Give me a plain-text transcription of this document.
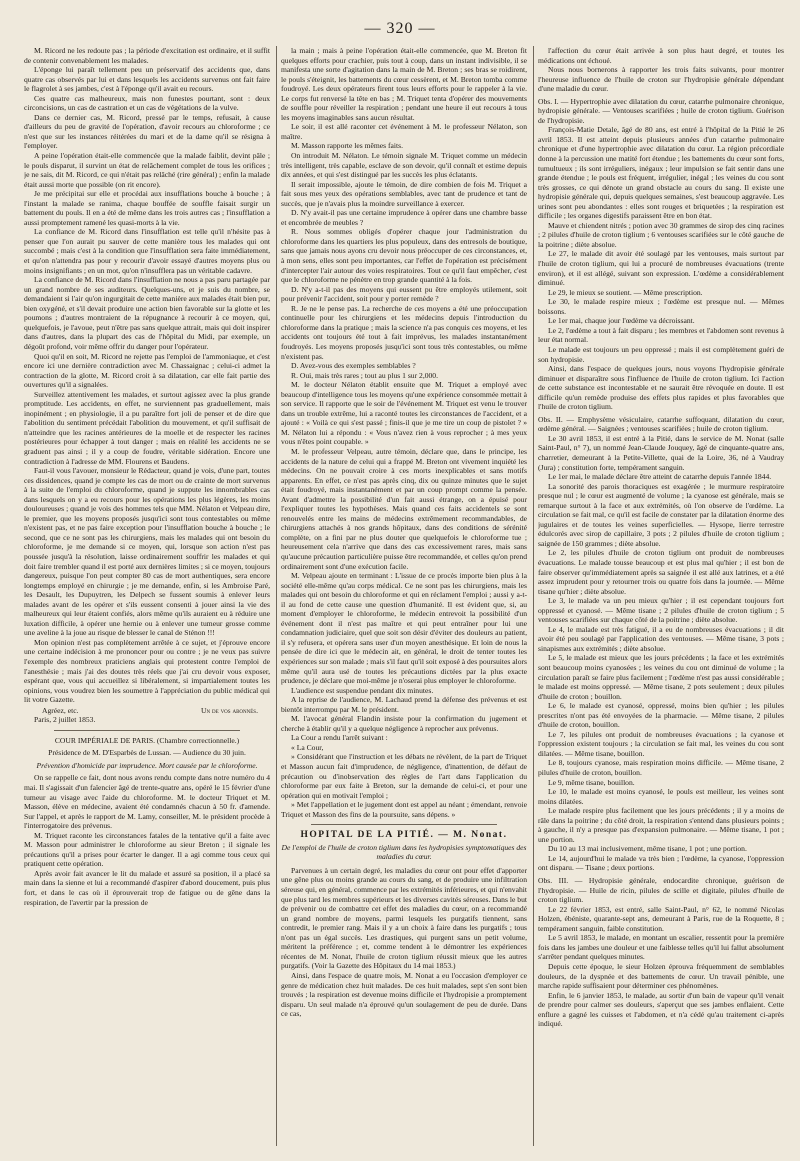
— 320 —

M. Ricord ne les redoute pas ; la période d'excitation est ordinaire, et il suffit de contenir convenablement les malades.

L'éponge lui paraît tellement peu un préservatif des accidents que, dans quatre cas observés par lui et dans lesquels les accidents survenus ont fait faire le flagrolet à ses jambes, c'est à l'éponge qu'il avait eu recours.

Ces quatre cas malheureux, mais non funestes pourtant, sont : deux circoncisions, un cas de castration et un cas de végétations de la vulve.

Dans ce dernier cas, M. Ricord, pressé par le temps, refusait, à cause d'ailleurs du peu de gravité de l'opération, d'avoir recours au chloroforme ; ce n'est que sur les instances réitérées du mari et de la dame qu'il se résigna à l'employer.

A peine l'opération était-elle commencée que la malade faiblit, devint pâle ; le pouls disparut, il survint un état de relâchement complet de tous les orifices ; je ne sais, dit M. Ricord, ce qui n'était pas relâché (rire général) ; enfin la malade était aussi morte que possible (on rit encore).

Je me précipitai sur elle et procédai aux insufflations bouche à bouche ; à l'instant la malade se ranima, chaque bouffée de souffle faisait surgir un battement du pouls. Il en a été de même dans les trois autres cas ; l'insufflation a aussi promptement ramené les quasi-morts à la vie.

La confiance de M. Ricord dans l'insufflation est telle qu'il n'hésite pas à penser que l'on aurait pu sauver de cette manière tous les malades qui ont succombé ; mais c'est à la condition que l'insufflation sera faite immédiatement, et qu'on n'attendra pas pour y recourir d'avoir essayé d'autres moyens plus ou moins insignifiants ; en un mot, qu'on n'insufflera pas un véritable cadavre.

La confiance de M. Ricord dans l'insufflation ne nous a pas paru partagée par un grand nombre de ses auditeurs. Quelques-uns, et je suis du nombre, se demandaient si l'air qu'on ingurgitait de cette manière aux malades était bien pur, bien oxygéné, et s'il devait produire une action bien favorable sur la glotte et les poumons ; d'autres montraient de la répugnance à recourir à ce moyen, qui, quelquefois, je l'avoue, peut n'être pas sans quelque attrait, mais qui doit inspirer dans d'autres, dans la plupart des cas de l'hôpital du Midi, par exemple, un dégoût profond, voir même offrir du danger pour l'opérateur.

Quoi qu'il en soit, M. Ricord ne rejette pas l'emploi de l'ammoniaque, et c'est encore ici une dernière contradiction avec M. Chassaignac ; celui-ci admet la contraction de la glotte, M. Ricord croit à sa dilatation, car elle fait partie des ouvertures qu'il a signalées.

Surveillez attentivement les malades, et surtout agissez avec la plus grande promptitude. Les accidents, en effet, ne surviennent pas graduellement, mais inopinément ; en physiologie, il a pu paraître fort joli de penser et de dire que l'abolition du sentiment précédait l'abolition du mouvement, et qu'il suffisait de n'atteindre que les racines antérieures de la moelle et de respecter les racines postérieures pour échapper à tout danger ; mais en réalité les accidents ne se graduent pas ainsi ; il y a coup de foudre, véritable sidération. Encore une contradiction à l'adresse de MM. Flourens et Baudens.

Faut-il vous l'avouer, monsieur le Rédacteur, quand je vois, d'une part, toutes ces dissidences, quand je compte les cas de mort ou de crainte de mort survenus à la suite de l'emploi du chloroforme, quand je suppute les innombrables cas dans lesquels on y a eu recours pour les opérations les plus légères, les moins douloureuses ; quand je vois des hommes tels que MM. Nélaton et Velpeau dire, le premier, que les moyens proposés jusqu'ici sont tous contestables ou même n'existent pas, et ne pas faire exception pour l'insufflation bouche à bouche ; le second, que ce ne sont pas les chirurgiens, mais les malades qui ont besoin du chloroforme, je me demande si ce moyen, qui, lorsque son action n'est pas poussée jusqu'à la résolution, laisse ordinairement souffrir les malades et qui doit faire trembler quand il est porté aux dernières limites ; si ce moyen, toujours dangereux, puisque l'on peut compter 80 cas de mort authentiques, sera encore longtemps employé en chirurgie ; je me demande, enfin, si les Ambroise Paré, les Desault, les Dupuytren, les Delpech se fussent soumis à enlever leurs malades avant de les opérer et s'ils eussent consenti à jouer ainsi la vie des malheureux qui leur étaient confiés, alors même qu'ils auraient eu à réduire une luxation difficile, à opérer une hernie ou à enlever une tumeur grosse comme une aveline à la joue au risque de blesser le canal de Sténon !!!

Mon opinion n'est pas complètement arrêtée à ce sujet, et j'éprouve encore une certaine indécision à me prononcer pour ou contre ; je ne veux pas suivre l'exemple des nombreux praticiens anglais qui protestent contre l'emploi de l'anesthésie ; mais j'ai des doutes très réels que j'ai cru devoir vous exposer, espérant que, vous qui accueillez si libéralement, si impartialement toutes les opinions, vous voudrez bien les soumettre à l'appréciation du public médical qui lit votre Gazette.

Agréez, etc.	Un de vos abonnés.

Paris, 2 juillet 1853.

COUR IMPÉRIALE DE PARIS. (Chambre correctionnelle.)

Présidence de M. D'Esparbès de Lussan. — Audience du 30 juin.

Prévention d'homicide par imprudence. Mort causée par le chloroforme.

On se rappelle ce fait, dont nous avons rendu compte dans notre numéro du 4 mai. Il s'agissait d'un faïencier âgé de trente-quatre ans, opéré le 15 février d'une tumeur au visage avec l'aide du chloroforme. M. le docteur Triquet et M. Masson, élève en médecine, avaient été condamnés chacun à 50 fr. d'amende. Sur l'appel, et après le rapport de M. Lamy, conseiller, M. le président procède à l'interrogatoire des prévenus.

M. Triquet raconte les circonstances fatales de la tentative qu'il a faite avec M. Masson pour administrer le chloroforme au sieur Breton ; il signale les précautions qu'il a prises pour écarter le danger. Il a agi comme tous ceux qui pratiquent cette opération.

Après avoir fait avancer le lit du malade et assuré sa position, il a placé sa main dans la sienne et lui a recommandé d'aspirer d'abord doucement, puis plus fort, et dans le cas où il éprouverait trop de fatigue ou de gêne dans la respiration, de l'avertir par la pression de

la main ; mais à peine l'opération était-elle commencée, que M. Breton fit quelques efforts pour crachier, puis tout à coup, dans un instant indivisible, il se manifesta une sorte d'agitation dans la main de M. Breton ; ses bras se roidirent, le pouls s'éteignit, les battements du cœur cessèrent, et M. Breton tomba comme foudroyé. Les deux opérateurs firent tous leurs efforts pour le rappeler à la vie. Le corps fut renversé la tête en bas ; M. Triquet tenta d'opérer des mouvements de souffle pour réveiller la respiration ; pendant une heure il eut recours à tous les moyens imaginables sans aucun résultat.

Le soir, il est allé raconter cet événement à M. le professeur Nélaton, son maître.

M. Masson rapporte les mêmes faits.

On introduit M. Nélaton. Le témoin signale M. Triquet comme un médecin très intelligent, très capable, esclave de son devoir, qu'il connaît et estime depuis dix années, et qui s'est distingué par les succès les plus éclatants.

Il serait impossible, ajoute le témoin, de dire combien de fois M. Triquet a fait sous mes yeux des opérations semblables, avec tant de prudence et tant de succès, que je n'avais plus la moindre surveillance à exercer.

D. N'y avait-il pas une certaine imprudence à opérer dans une chambre basse et encombrée de meubles ?

R. Nous sommes obligés d'opérer chaque jour l'administration du chloroforme dans les quartiers les plus populeux, dans des entresols de boutique, sans que jamais nous ayons cru devoir nous préoccuper de ces circonstances, et, à mon sens, elles sont peu importantes, car l'effet de l'opération est précisément d'intercepter l'air autour des voies respiratoires. Tout ce qu'il faut empêcher, c'est que le chloroforme ne pénètre en trop grande quantité à la fois.

D. N'y a-t-il pas des moyens qui eussent pu être employés utilement, soit pour prévenir l'accident, soit pour y porter remède ?

R. Je ne le pense pas. La recherche de ces moyens a été une préoccupation continuelle pour les chirurgiens et les médecins depuis l'introduction du chloroforme dans la pratique ; mais la science n'a pas conquis ces moyens, et les accidents ont toujours été tout à fait imprévus, les malades instantanément foudroyés. Les moyens proposés jusqu'ici sont tous très contestables, ou même n'existent pas.

D. Avez-vous des exemples semblables ?

R. Oui, mais très rares ; tout au plus 1 sur 2,000.

M. le docteur Nélaton établit ensuite que M. Triquet a employé avec beaucoup d'intelligence tous les moyens qu'une expérience consommée mettait à son service. Il rapporte que le soir de l'événement M. Triquet est venu le trouver dans un trouble extrême, lui a raconté toutes les circonstances de l'accident, et a ajouté : « Voilà ce qui s'est passé ; finis-il que je me tire un coup de pistolet ? » M. Nélaton lui a répondu : « Vous n'avez rien à vous reprocher ; à mes yeux vous n'êtes point coupable. »

M. le professeur Velpeau, autre témoin, déclare que, dans le principe, les accidents de la nature de celui qui a frappé M. Breton ont vivement inquiété les médecins. On ne pouvait croire à ces morts inexplicables et sans motifs apparents. En effet, ce n'est pas après cinq, dix ou quinze minutes que le sujet était foudroyé, mais instantanément et par un coup prompt comme la pensée. Avant d'admettre la possibilité d'un fait aussi étrange, on a épuisé pour l'expliquer toutes les hypothèses. Mais quand ces faits accidentels se sont renouvelés entre les mains de médecins extrêmement recommandables, de chirurgiens attachés à nos grands hôpitaux, dans des conditions de sérénité complète, on a fini par ne plus douter que quelquefois le chloroforme tue ; heureusement cela n'arrive que dans des cas excessivement rares, mais sans qu'aucune précaution particulière puisse être recommandée, et celles qu'on prend ordinairement sont d'une exécution facile.

M. Velpeau ajoute en terminant : L'issue de ce procès importe bien plus à la société elle-même qu'au corps médical. Ce ne sont pas les chirurgiens, mais les malades qui ont besoin du chloroforme et qui en réclament l'emploi ; aussi y a-t-il au fond de cette cause une question d'humanité. Il est évident que, si, au moment d'employer le chloroforme, le médecin entrevoit la possibilité d'un événement dont il n'est pas maître et qui peut entraîner pour lui une condamnation judiciaire, quel que soit son désir d'éviter des douleurs au patient, il s'y refusera, et opérera sans user d'un moyen anesthésique. Et loin de nous la pensée de dire ici que le médecin ait, en général, le droit de tenter toutes les expériences sur son malade ; mais s'il faut qu'il soit exposé à des poursuites alors même qu'il aura usé de toutes les précautions dictées par la plus exacte prudence, je déclare que moi-même je n'oserai plus employer le chloroforme.

L'audience est suspendue pendant dix minutes.

A la reprise de l'audience, M. Lachaud prend la défense des prévenus et est bientôt interrompu par M. le président.

M. l'avocat général Flandin insiste pour la confirmation du jugement et cherche à établir qu'il y a quelque négligence à reprocher aux prévenus.

La Cour a rendu l'arrêt suivant :

« La Cour,

» Considérant que l'instruction et les débats ne révèlent, de la part de Triquet et Masson aucun fait d'imprudence, de négligence, d'inattention, de défaut de précaution ou d'inobservation des règles de l'art dans l'application du chloroforme par eux faite à Breton, sur la demande de celui-ci, et pour une opération qui en motivait l'emploi ;

» Met l'appellation et le jugement dont est appel au néant ; émendant, renvoie Triquet et Masson des fins de la poursuite, sans dépens. »

HOPITAL DE LA PITIÉ. — M. Nonat.
De l'emploi de l'huile de croton tiglium dans les hydropisies symptomatiques des maladies du cœur.

Parvenues à un certain degré, les maladies du cœur ont pour effet d'apporter une gêne plus ou moins grande au cours du sang, et de produire une infiltration séreuse qui, en général, commence par les extrémités inférieures, et qui n'envahit que plus tard les membres supérieurs et les diverses cavités séreuses. Dans le but de prévenir ou de combattre cet effet des maladies du cœur, on a recommandé un grand nombre de moyens, parmi lesquels les purgatifs tiennent, sans contredit, le premier rang. Mais il y a un choix à faire dans les purgatifs ; tous n'ont pas un égal succès. Les drastiques, qui purgent sans un petit volume, méritent la préférence ; et, comme tendent à le démontrer les expériences récentes de M. Nonat, l'huile de croton tiglium réussit mieux que les autres purgatifs. (Voir la Gazette des Hôpitaux du 14 mai 1853.)

Ainsi, dans l'espace de quatre mois, M. Nonat a eu l'occasion d'employer ce genre de médication chez huit malades. De ces huit malades, sept s'en sont bien trouvés ; la respiration est devenue moins difficile et l'hydropisie a promptement disparu. Un seul malade n'a éprouvé qu'un soulagement de peu de durée. Dans ce cas,

l'affection du cœur était arrivée à son plus haut degré, et toutes les médications ont échoué.

Nous nous bornerons à rapporter les trois faits suivants, pour montrer l'heureuse influence de l'huile de croton sur l'hydropisie générale dépendant d'une maladie du cœur.

Obs. I. — Hypertrophie avec dilatation du cœur, catarrhe pulmonaire chronique, hydropisie générale. — Ventouses scarifiées ; huile de croton tiglium. Guérison de l'hydropisie.

François-Matie Detale, âgé de 80 ans, est entré à l'hôpital de la Pitié le 26 avril 1853. Il est atteint depuis plusieurs années d'un catarrhe pulmonaire chronique et d'une hypertrophie avec dilatation du cœur. La région précordiale donne à la percussion une matité fort étendue ; les battements du cœur sont forts, tumultueux ; ils sont irréguliers, inégaux ; leur impulsion se fait sentir dans une grande étendue ; le pouls est fréquent, irrégulier, inégal ; les veines du cou sont très grosses, ce qui dénote un grand obstacle au cours du sang. Il existe une hydropisie générale qui, depuis quelques semaines, s'est beaucoup aggravée. Les urines sont peu abondantes : elles sont rouges et briquetées ; la respiration est difficile ; les organes digestifs paraissent être en bon état.

Mauve et chiendent nitrés ; potion avec 30 grammes de sirop des cinq racines ; 2 pilules d'huile de croton tiglium ; 6 ventouses scarifiées sur le côté gauche de la poitrine ; diète absolue.

Le 27, le malade dit avoir été soulagé par les ventouses, mais surtout par l'huile de croton tiglium, qui lui a procuré de nombreuses évacuations (trente environ), et il est allégé, suivant son expression. L'œdème a considérablement diminué.

Le 29, le mieux se soutient. — Même prescription.

Le 30, le malade respire mieux ; l'œdème est presque nul. — Mêmes boissons.

Le 1er mai, chaque jour l'œdème va décroissant.

Le 2, l'œdème a tout à fait disparu ; les membres et l'abdomen sont revenus à leur état normal.

Le malade est toujours un peu oppressé ; mais il est complètement guéri de son hydropisie.

Ainsi, dans l'espace de quelques jours, nous voyons l'hydropisie générale diminuer et disparaître sous l'influence de l'huile de croton tiglium. Ici l'action de cette substance est incontestable et ne saurait être révoquée en doute. Il est difficile qu'un remède produise des effets plus rapides et plus favorables que l'huile de croton tiglium.

Obs. II. — Emphysème vésiculaire, catarrhe suffoquant, dilatation du cœur, œdème général. — Saignées ; ventouses scarifiées ; huile de croton tiglium.

Le 30 avril 1853, il est entré à la Pitié, dans le service de M. Nonat (salle Saint-Paul, n° 7), un nommé Jean-Claude Jouquey, âgé de cinquante-quatre ans, charretier, demeurant à la Petite-Villette, quai de la Loire, 36, né à Vaudray (Jura) ; constitution forte, tempérament sanguin.

Le 1er mai, le malade déclare être atteint de catarrhe depuis l'année 1844.

La sonorité des parois thoraciques est exagérée ; le murmure respiratoire presque nul ; le cœur est augmenté de volume ; la cyanose est générale, mais se remarque surtout à la face et aux extrémités, où l'on observe de l'œdème. La circulation se fait mal, ce qu'il est facile de constater par la dilatation énorme des jugulaires et de toutes les veines superficielles. — Hysope, lierre terrestre édulcorés avec sirop de capillaire, 3 pots ; 2 pilules d'huile de croton tiglium ; saignée de 150 grammes ; diète absolue.

Le 2, les pilules d'huile de croton tiglium ont produit de nombreuses évacuations. Le malade tousse beaucoup et est plus mal qu'hier ; il est bon de faire observer qu'immédiatement après sa saignée il est allé aux latrines, et a été assez imprudent pour y retourner trois ou quatre fois dans la journée. — Même tisane qu'hier ; diète absolue.

Le 3, le malade va un peu mieux qu'hier ; il est cependant toujours fort oppressé et cyanosé. — Même tisane ; 2 pilules d'huile de croton tiglium ; 5 ventouses scarifiées sur chaque côté de la poitrine ; diète absolue.

Le 4, le malade est très fatigué, il a eu de nombreuses évacuations ; il dit avoir été peu soulagé par l'application des ventouses. — Même tisane, 3 pots ; sinapismes aux extrémités ; diète absolue.

Le 5, le malade est mieux que les jours précédents ; la face et les extrémités sont beaucoup moins cyanosées ; les veines du cou ont diminué de volume ; la circulation paraît se faire plus facilement ; l'œdème n'est pas aussi considérable ; le malade est moins oppressé. — Même tisane, 2 pots seulement ; deux pilules d'huile de croton ; bouillon.

Le 6, le malade est cyanosé, oppressé, moins bien qu'hier ; les pilules prescrites n'ont pas été envoyées de la pharmacie. — Même tisane, 2 pilules d'huile de croton, bouillon.

Le 7, les pilules ont produit de nombreuses évacuations ; la cyanose et l'oppression existent toujours ; la circulation se fait mal, les veines du cou sont dilatées. — Même tisane, bouillon.

Le 8, toujours cyanose, mais respiration moins difficile. — Même tisane, 2 pilules d'huile de croton, bouillon.

Le 9, même tisane, bouillon.

Le 10, le malade est moins cyanosé, le pouls est meilleur, les veines sont moins dilatées.

Le malade respire plus facilement que les jours précédents ; il y a moins de râle dans la poitrine ; du côté droit, la respiration s'entend dans plusieurs points ; à gauche, il n'y a presque pas d'expansion pulmonaire. — Même tisane, 1 pot ; une portion.

Du 10 au 13 mai inclusivement, même tisane, 1 pot ; une portion.

Le 14, aujourd'hui le malade va très bien ; l'œdème, la cyanose, l'oppression ont disparu. — Tisane ; deux portions.

Obs. III. — Hydropisie générale, endocardite chronique, guérison de l'hydropisie. — Huile de ricin, pilules de scille et digitale, pilules d'huile de croton tiglium.

Le 22 février 1853, est entré, salle Saint-Paul, n° 62, le nommé Nicolas Holzen, ébéniste, quarante-sept ans, demeurant à Paris, rue de la Roquette, 8 ; tempérament sanguin, faible constitution.

Le 5 avril 1853, le malade, en montant un escalier, ressentit pour la première fois dans les jambes une douleur et une faiblesse telles qu'il lui fallut absolument s'arrêter pendant quelques minutes.

Depuis cette époque, le sieur Holzen éprouva fréquemment de semblables douleurs, de la dyspnée et des battements de cœur. Un travail pénible, une marche rapide suffisaient pour déterminer ces phénomènes.

Enfin, le 6 janvier 1853, le malade, au sortir d'un bain de vapeur qu'il venait de prendre pour calmer ses douleurs, s'aperçut que ses jambes enflaient. Cette enflure a gagné les cuisses et l'abdomen, et n'a cédé qu'au traitement ci-après indiqué.
